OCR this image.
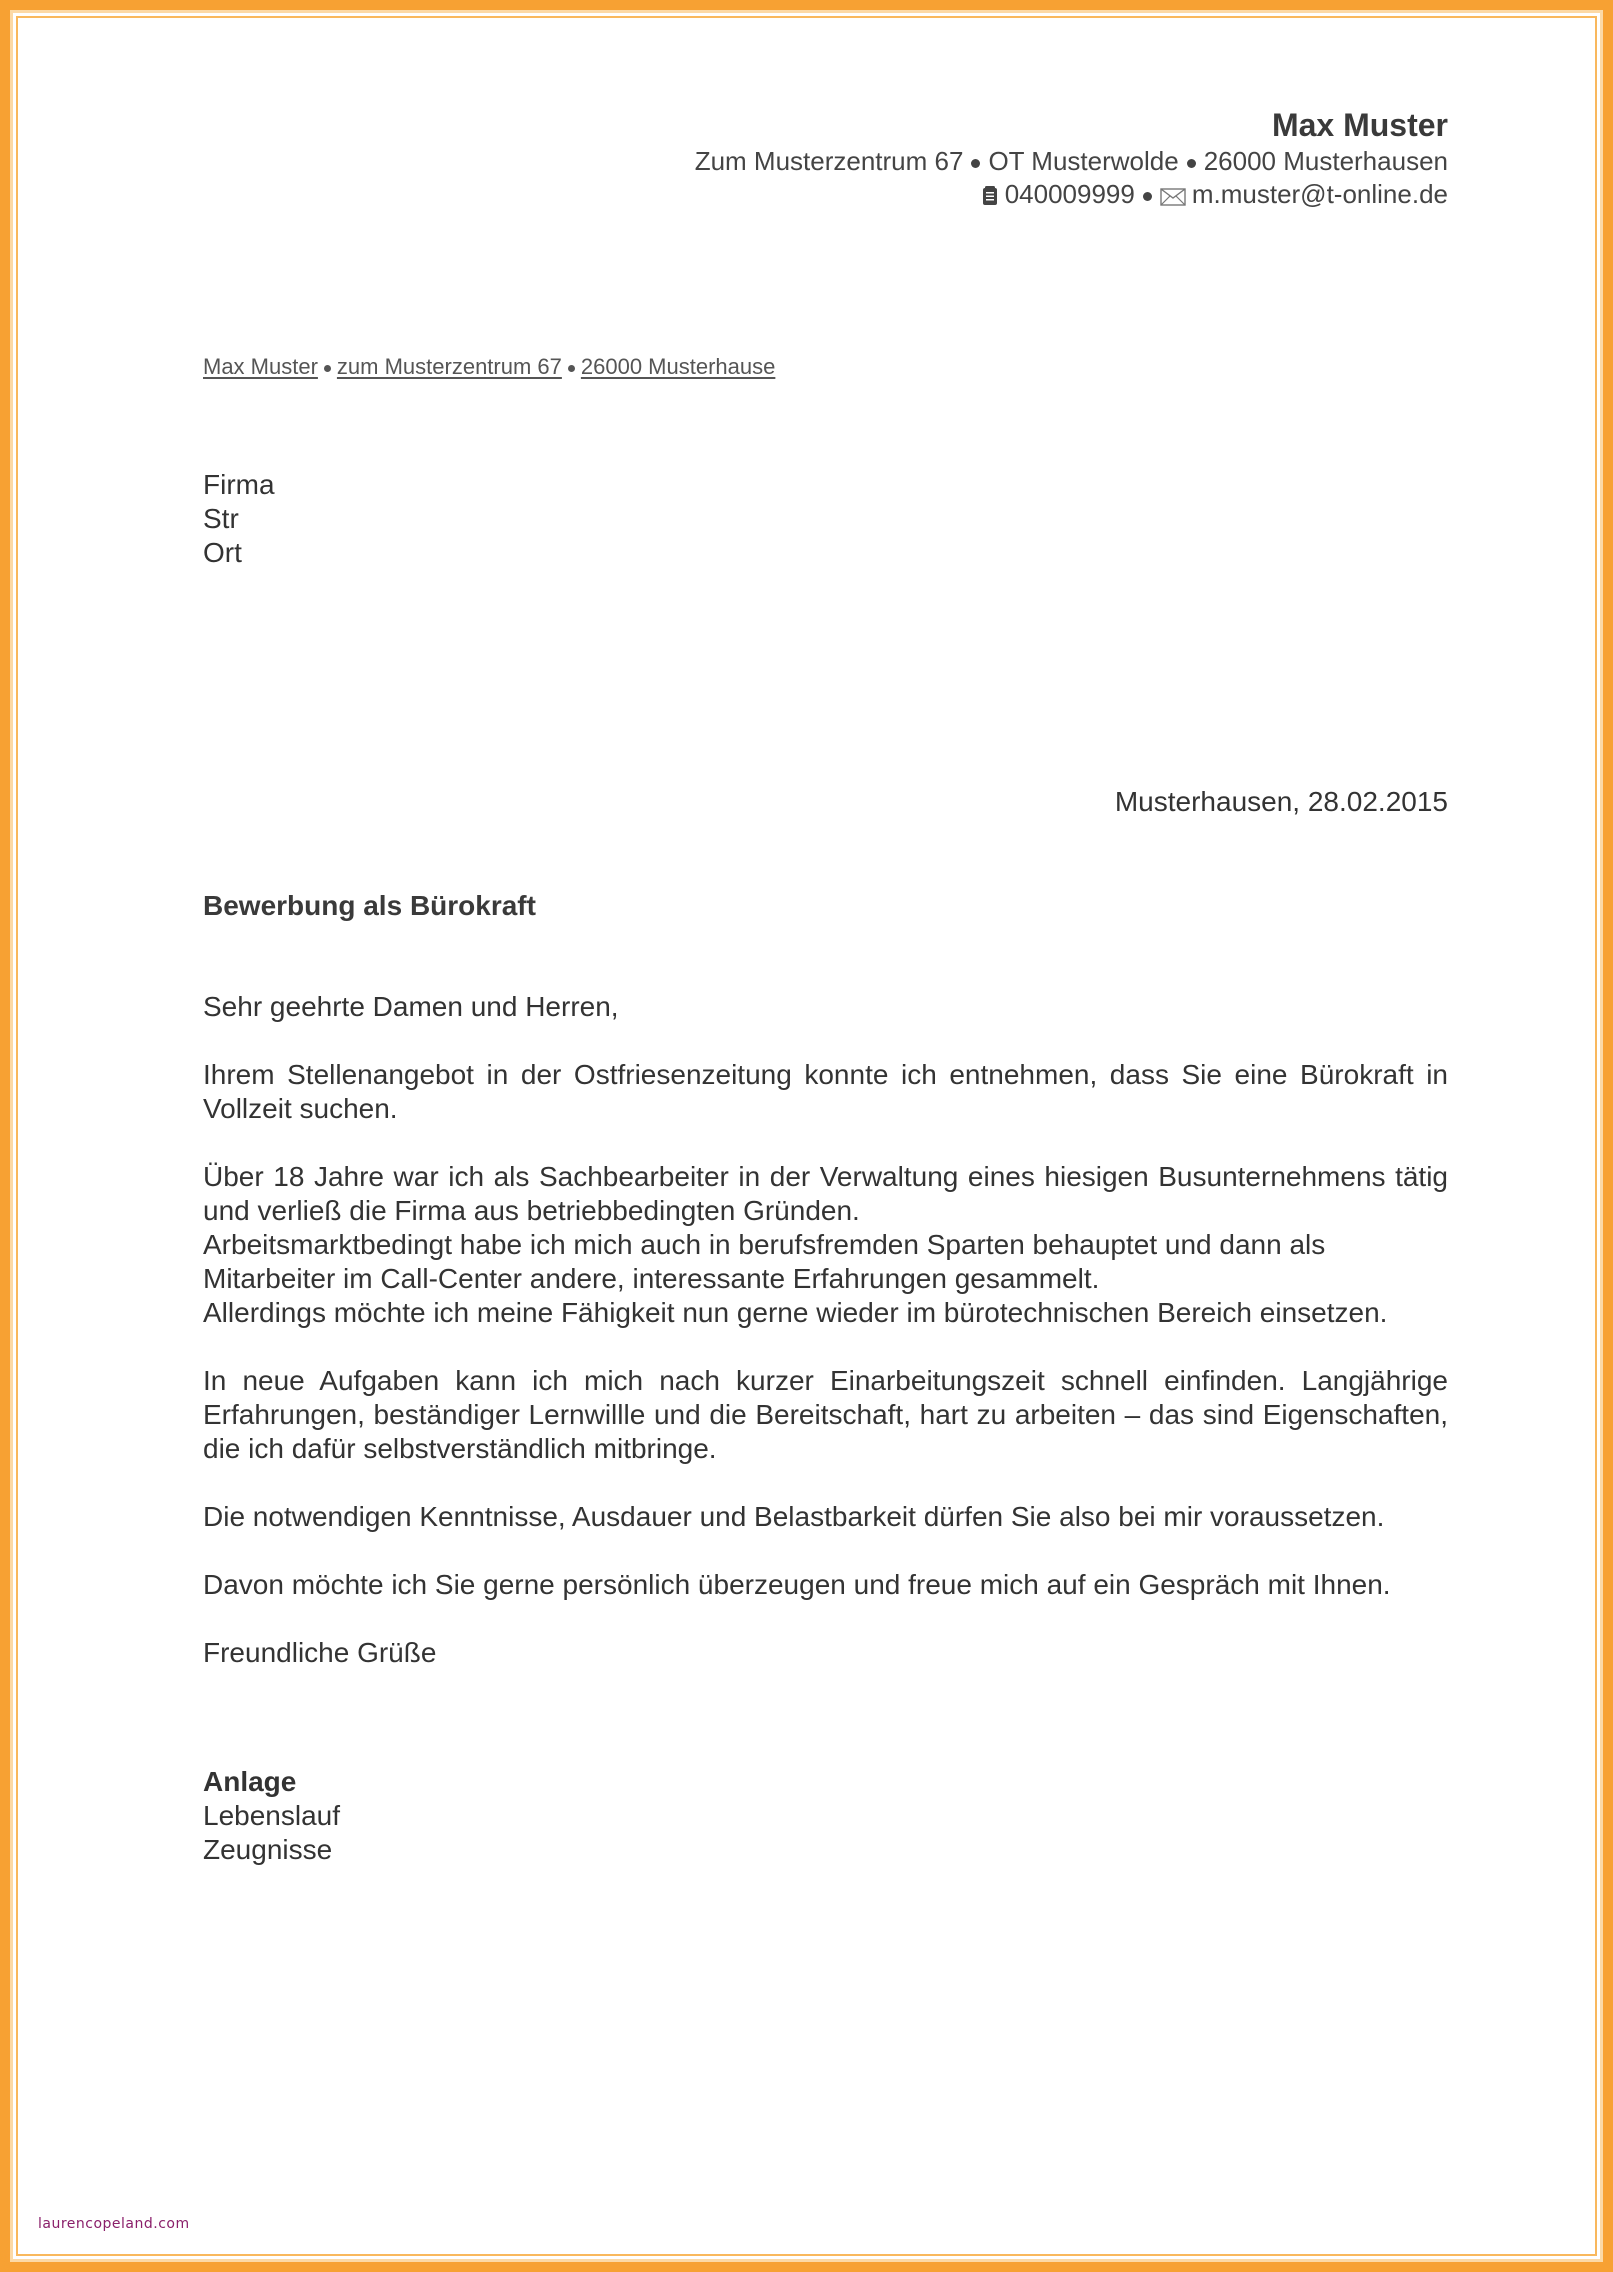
Max Muster
Zum Musterzentrum 67 OT Musterwolde 26000 Musterhausen
040009999 m.muster@t-online.de
Max Muster zum Musterzentrum 67 26000 Musterhause
Firma
Str
Ort
Musterhausen, 28.02.2015
Bewerbung als Bürokraft

Sehr geehrte Damen und Herren,

Ihrem Stellenangebot in der Ostfriesenzeitung konnte ich entnehmen, dass Sie eine Bürokraft in Vollzeit suchen.

Über 18 Jahre war ich als Sachbearbeiter in der Verwaltung eines hiesigen Busunternehmens tätig und verließ die Firma aus betriebbedingten Gründen.
Arbeitsmarktbedingt habe ich mich auch in berufsfremden Sparten behauptet und dann als Mitarbeiter im Call-Center andere, interessante Erfahrungen gesammelt.
Allerdings möchte ich meine Fähigkeit nun gerne wieder im bürotechnischen Bereich einsetzen.

In neue Aufgaben kann ich mich nach kurzer Einarbeitungszeit schnell einfinden. Langjährige Erfahrungen, beständiger Lernwillle und die Bereitschaft, hart zu arbeiten – das sind Eigenschaften, die ich dafür selbstverständlich mitbringe.

Die notwendigen Kenntnisse, Ausdauer und Belastbarkeit dürfen Sie also bei mir voraussetzen.

Davon möchte ich Sie gerne persönlich überzeugen und freue mich auf ein Gespräch mit Ihnen.

Freundliche Grüße

Anlage
Lebenslauf
Zeugnisse
laurencopeland.com
